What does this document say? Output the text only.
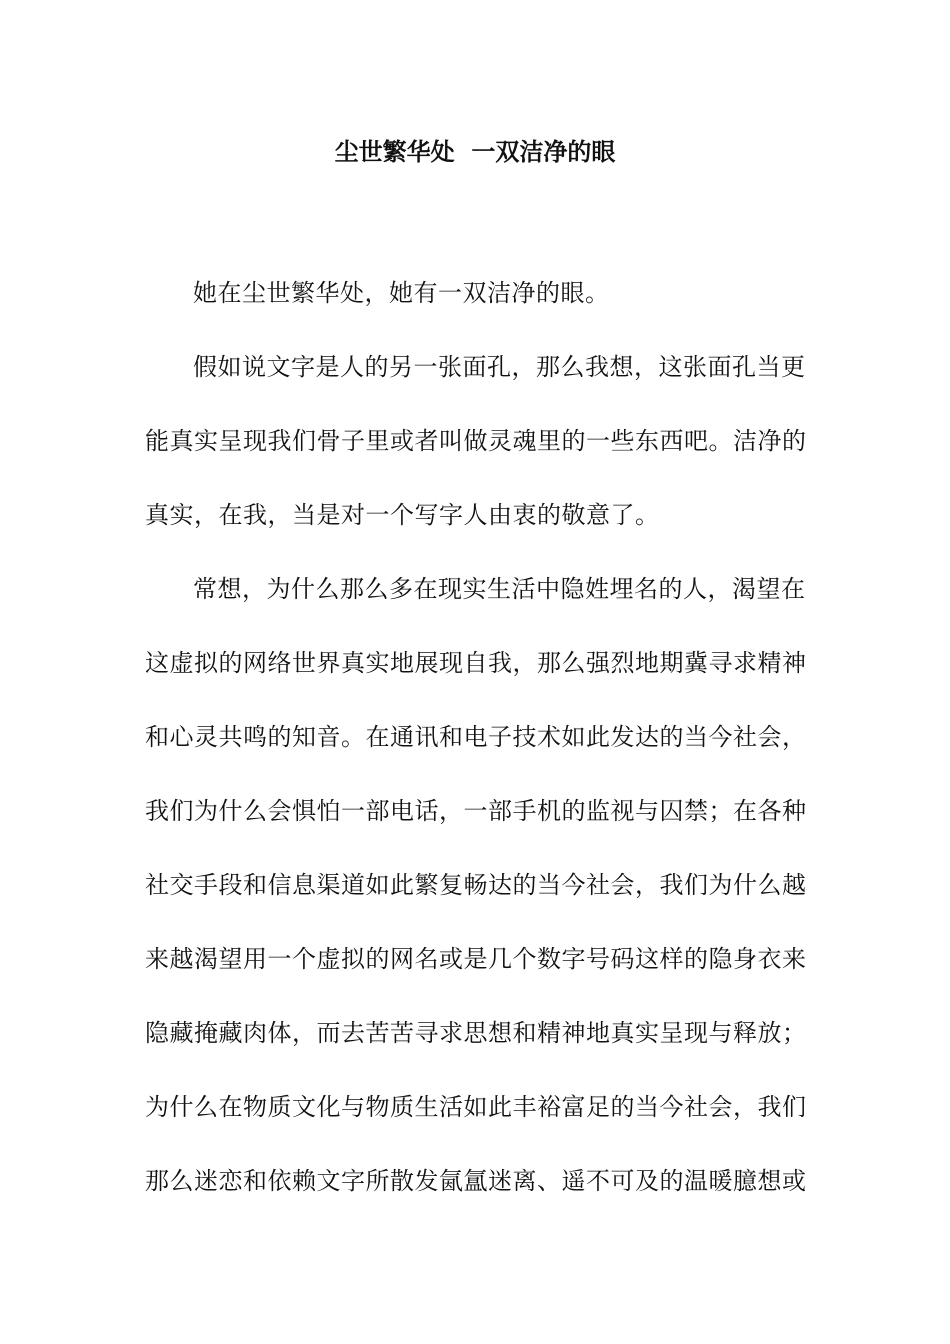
尘世繁华处  一双洁净的眼

她在尘世繁华处，她有一双洁净的眼。

假如说文字是人的另一张面孔，那么我想，这张面孔当更
能真实呈现我们骨子里或者叫做灵魂里的一些东西吧。洁净的
真实，在我，当是对一个写字人由衷的敬意了。

常想，为什么那么多在现实生活中隐姓埋名的人，渴望在
这虚拟的网络世界真实地展现自我，那么强烈地期冀寻求精神
和心灵共鸣的知音。在通讯和电子技术如此发达的当今社会，
我们为什么会惧怕一部电话，一部手机的监视与囚禁；在各种
社交手段和信息渠道如此繁复畅达的当今社会，我们为什么越
来越渴望用一个虚拟的网名或是几个数字号码这样的隐身衣来
隐藏掩藏肉体，而去苦苦寻求思想和精神地真实呈现与释放；
为什么在物质文化与物质生活如此丰裕富足的当今社会，我们
那么迷恋和依赖文字所散发氤氲迷离、遥不可及的温暖臆想或
